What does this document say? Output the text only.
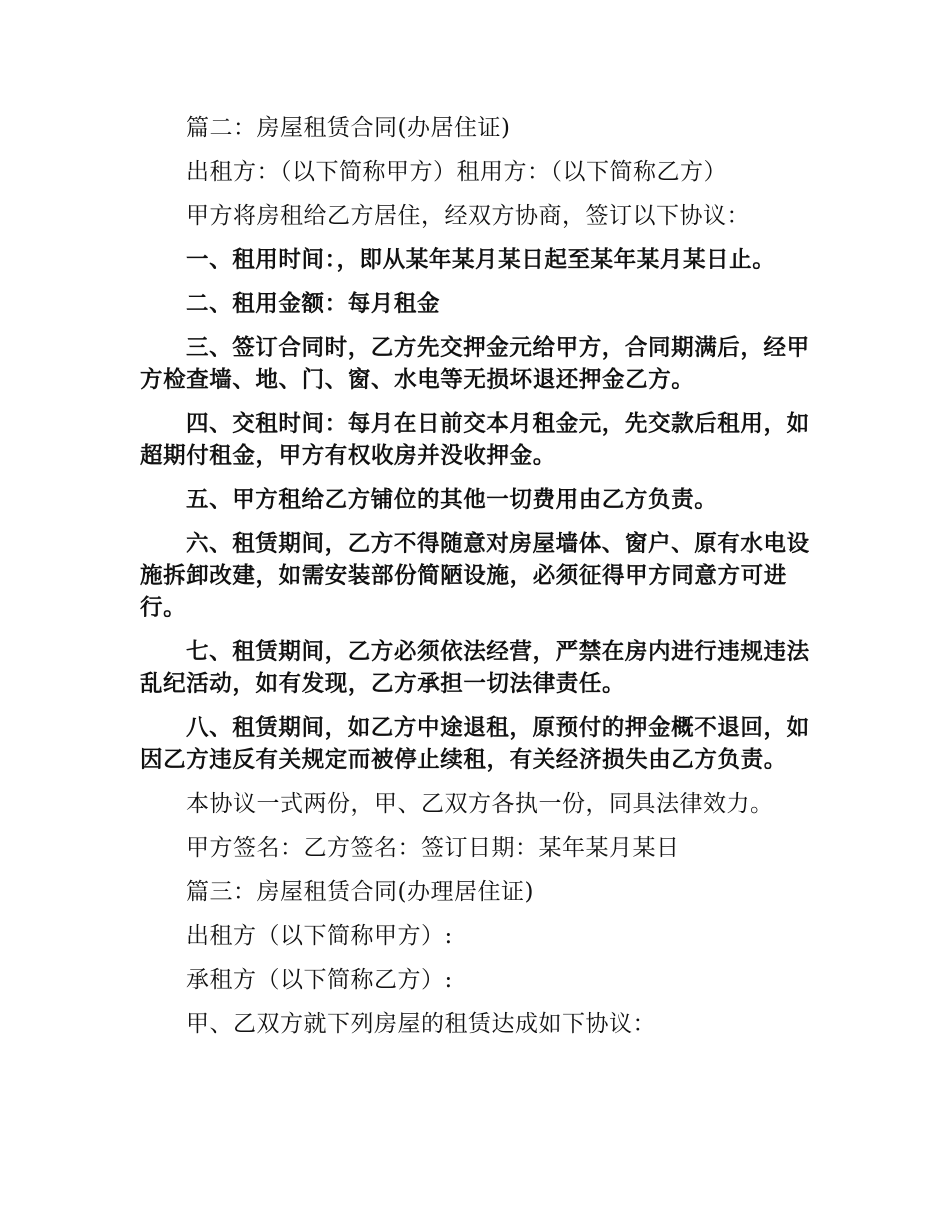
篇二：房屋租赁合同(办居住证)

出租方：（以下简称甲方）租用方：（以下简称乙方）

甲方将房租给乙方居住，经双方协商，签订以下协议：

一、租用时间：，即从某年某月某日起至某年某月某日止。

二、租用金额：每月租金

三、签订合同时，乙方先交押金元给甲方，合同期满后，经甲方检查墙、地、门、窗、水电等无损坏退还押金乙方。

四、交租时间：每月在日前交本月租金元，先交款后租用，如超期付租金，甲方有权收房并没收押金。

五、甲方租给乙方铺位的其他一切费用由乙方负责。

六、租赁期间，乙方不得随意对房屋墙体、窗户、原有水电设施拆卸改建，如需安装部份简陋设施，必须征得甲方同意方可进行。

七、租赁期间，乙方必须依法经营，严禁在房内进行违规违法乱纪活动，如有发现，乙方承担一切法律责任。

八、租赁期间，如乙方中途退租，原预付的押金概不退回，如因乙方违反有关规定而被停止续租，有关经济损失由乙方负责。

本协议一式两份，甲、乙双方各执一份，同具法律效力。

甲方签名：乙方签名：签订日期：某年某月某日

篇三：房屋租赁合同(办理居住证)

出租方（以下简称甲方）:

承租方（以下简称乙方）:

甲、乙双方就下列房屋的租赁达成如下协议：
